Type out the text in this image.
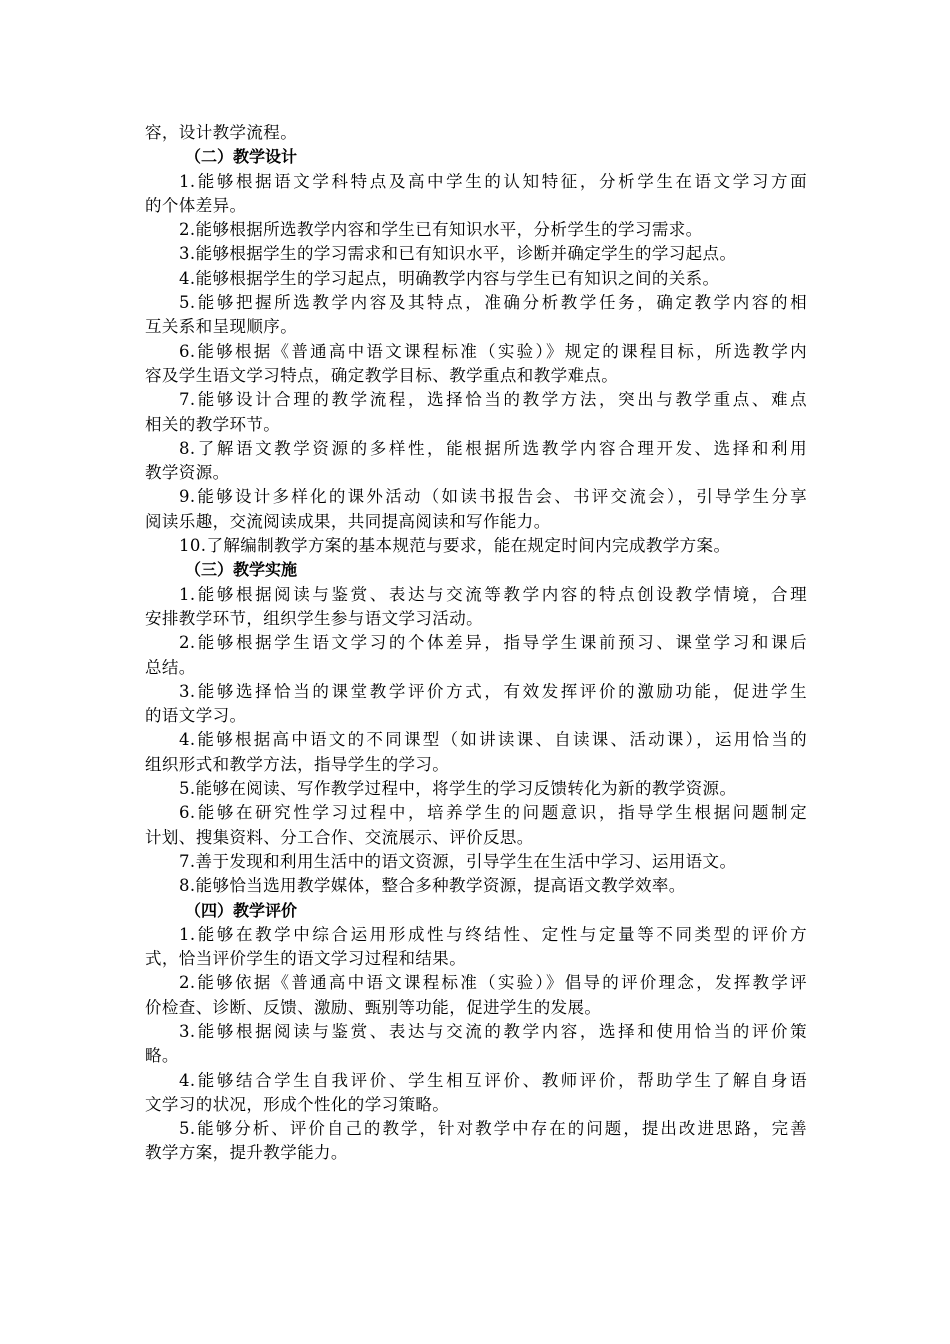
容，设计教学流程。
（二）教学设计
1.能够根据语文学科特点及高中学生的认知特征，分析学生在语文学习方面
的个体差异。
2.能够根据所选教学内容和学生已有知识水平，分析学生的学习需求。
3.能够根据学生的学习需求和已有知识水平，诊断并确定学生的学习起点。
4.能够根据学生的学习起点，明确教学内容与学生已有知识之间的关系。
5.能够把握所选教学内容及其特点，准确分析教学任务，确定教学内容的相
互关系和呈现顺序。
6.能够根据《普通高中语文课程标准（实验）》规定的课程目标，所选教学内
容及学生语文学习特点，确定教学目标、教学重点和教学难点。
7.能够设计合理的教学流程，选择恰当的教学方法，突出与教学重点、难点
相关的教学环节。
8.了解语文教学资源的多样性，能根据所选教学内容合理开发、选择和利用
教学资源。
9.能够设计多样化的课外活动（如读书报告会、书评交流会），引导学生分享
阅读乐趣，交流阅读成果，共同提高阅读和写作能力。
10.了解编制教学方案的基本规范与要求，能在规定时间内完成教学方案。
（三）教学实施
1.能够根据阅读与鉴赏、表达与交流等教学内容的特点创设教学情境，合理
安排教学环节，组织学生参与语文学习活动。
2.能够根据学生语文学习的个体差异，指导学生课前预习、课堂学习和课后
总结。
3.能够选择恰当的课堂教学评价方式，有效发挥评价的激励功能，促进学生
的语文学习。
4.能够根据高中语文的不同课型（如讲读课、自读课、活动课），运用恰当的
组织形式和教学方法，指导学生的学习。
5.能够在阅读、写作教学过程中，将学生的学习反馈转化为新的教学资源。
6.能够在研究性学习过程中，培养学生的问题意识，指导学生根据问题制定
计划、搜集资料、分工合作、交流展示、评价反思。
7.善于发现和利用生活中的语文资源，引导学生在生活中学习、运用语文。
8.能够恰当选用教学媒体，整合多种教学资源，提高语文教学效率。
（四）教学评价
1.能够在教学中综合运用形成性与终结性、定性与定量等不同类型的评价方
式，恰当评价学生的语文学习过程和结果。
2.能够依据《普通高中语文课程标准（实验）》倡导的评价理念，发挥教学评
价检查、诊断、反馈、激励、甄别等功能，促进学生的发展。
3.能够根据阅读与鉴赏、表达与交流的教学内容，选择和使用恰当的评价策
略。
4.能够结合学生自我评价、学生相互评价、教师评价，帮助学生了解自身语
文学习的状况，形成个性化的学习策略。
5.能够分析、评价自己的教学，针对教学中存在的问题，提出改进思路，完善
教学方案，提升教学能力。
